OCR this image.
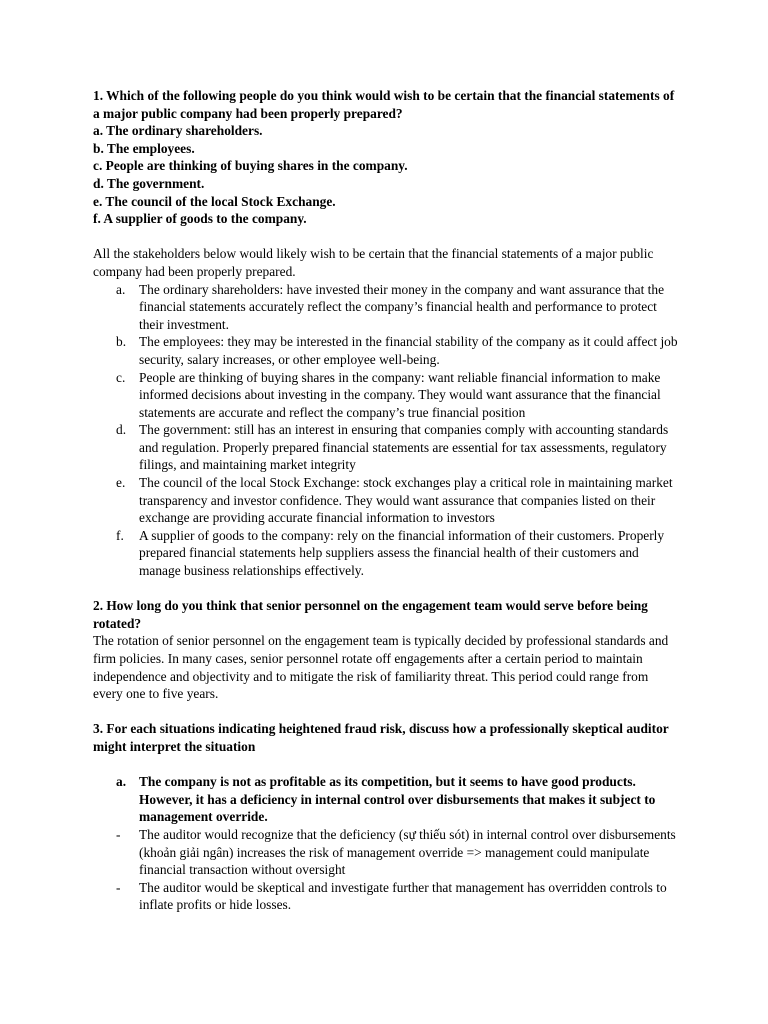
1. Which of the following people do you think would wish to be certain that the financial statements of a major public company had been properly prepared?

a. The ordinary shareholders.

b. The employees.

c. People are thinking of buying shares in the company.

d. The government.

e. The council of the local Stock Exchange.

f. A supplier of goods to the company.

All the stakeholders below would likely wish to be certain that the financial statements of a major public company had been properly prepared.

a.	The ordinary shareholders: have invested their money in the company and want assurance that the financial statements accurately reflect the company’s financial health and performance to protect their investment.
b. The employees: they may be interested in the financial stability of the company as it could affect job security, salary increases, or other employee well-being.
c.	People are thinking of buying shares in the company: want reliable financial information to make informed decisions about investing in the company. They would want assurance that the financial statements are accurate and reflect the company’s true financial position
d. The government: still has an interest in ensuring that companies comply with accounting standards and regulation. Properly prepared financial statements are essential for tax assessments, regulatory filings, and maintaining market integrity
e.	The council of the local Stock Exchange: stock exchanges play a critical role in maintaining market transparency and investor confidence. They would want assurance that companies listed on their exchange are providing accurate financial information to investors
f.	A supplier of goods to the company: rely on the financial information of their customers. Properly prepared financial statements help suppliers assess the financial health of their customers and manage business relationships effectively.

2. How long do you think that senior personnel on the engagement team would serve before being rotated?

The rotation of senior personnel on the engagement team is typically decided by professional standards and firm policies. In many cases, senior personnel rotate off engagements after a certain period to maintain independence and objectivity and to mitigate the risk of familiarity threat. This period could range from every one to five years.

3. For each situations indicating heightened fraud risk, discuss how a professionally skeptical auditor might interpret the situation

a. The company is not as profitable as its competition, but it seems to have good products. However, it has a deficiency in internal control over disbursements that makes it subject to management override.
-	The auditor would recognize that the deficiency (sự thiếu sót) in internal control over disbursements (khoản giải ngân) increases the risk of management override => management could manipulate financial transaction without oversight
-	The auditor would be skeptical and investigate further that management has overridden controls to inflate profits or hide losses.
